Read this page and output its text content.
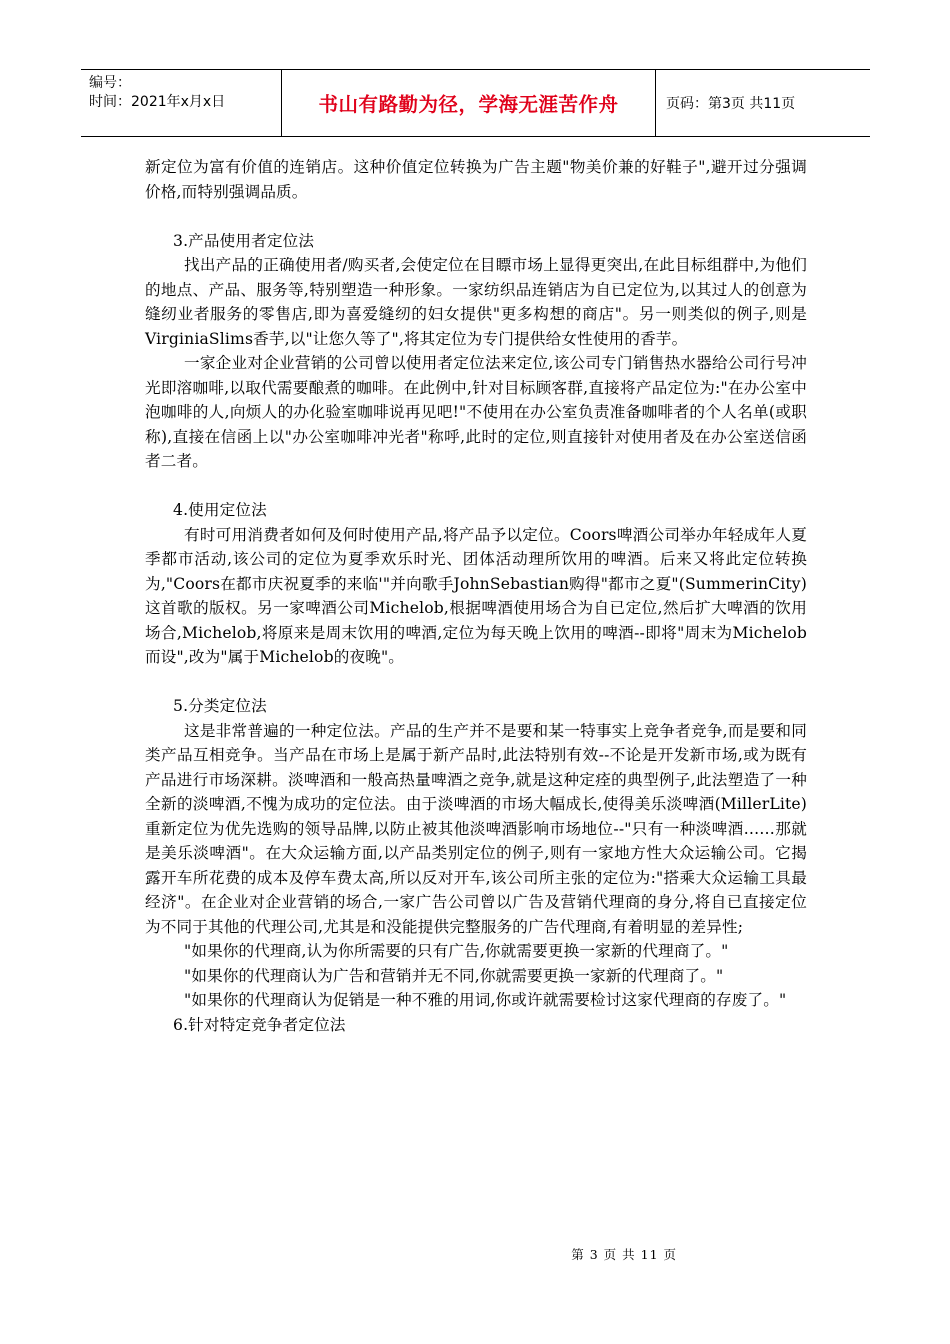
编号：
时间：2021年x月x日	书山有路勤为径，学海无涯苦作舟	页码：第3页 共11页

新定位为富有价值的连销店。这种价值定位转换为广告主题"物美价兼的好鞋子",避开过分强调价格,而特别强调品质。

3.产品使用者定位法

找出产品的正确使用者/购买者,会使定位在目瞟市场上显得更突出,在此目标组群中,为他们的地点、产品、服务等,特别塑造一种形象。一家纺织品连销店为自已定位为,以其过人的创意为缝纫业者服务的零售店,即为喜爱缝纫的妇女提供"更多构想的商店"。另一则类似的例子,则是VirginiaSlims香芋,以"让您久等了",将其定位为专门提供给女性使用的香芋。

一家企业对企业营销的公司曾以使用者定位法来定位,该公司专门销售热水器给公司行号冲光即溶咖啡,以取代需要酿煮的咖啡。在此例中,针对目标顾客群,直接将产品定位为:"在办公室中泡咖啡的人,向烦人的办化验室咖啡说再见吧!"不使用在办公室负责准备咖啡者的个人名单(或职称),直接在信函上以"办公室咖啡冲光者"称呼,此时的定位,则直接针对使用者及在办公室送信函者二者。

4.使用定位法

有时可用消费者如何及何时使用产品,将产品予以定位。Coors啤酒公司举办年轻成年人夏季都市活动,该公司的定位为夏季欢乐时光、团体活动理所饮用的啤酒。后来又将此定位转换为,"Coors在都市庆祝夏季的来临'"并向歌手JohnSebastian购得"都市之夏"(SummerinCity)这首歌的版权。另一家啤酒公司Michelob,根据啤酒使用场合为自已定位,然后扩大啤酒的饮用场合,Michelob,将原来是周末饮用的啤酒,定位为每天晚上饮用的啤酒--即将"周末为Michelob而设",改为"属于Michelob的夜晚"。

5.分类定位法

这是非常普遍的一种定位法。产品的生产并不是要和某一特事实上竞争者竞争,而是要和同类产品互相竞争。当产品在市场上是属于新产品时,此法特别有效--不论是开发新市场,或为既有产品进行市场深耕。淡啤酒和一般高热量啤酒之竞争,就是这种定痊的典型例子,此法塑造了一种全新的淡啤酒,不愧为成功的定位法。由于淡啤酒的市场大幅成长,使得美乐淡啤酒(MillerLite)重新定位为优先选购的领导品牌,以防止被其他淡啤酒影响市场地位--"只有一种淡啤酒……那就是美乐淡啤酒"。在大众运输方面,以产品类别定位的例子,则有一家地方性大众运输公司。它揭露开车所花费的成本及停车费太高,所以反对开车,该公司所主张的定位为:"搭乘大众运输工具最经济"。在企业对企业营销的场合,一家广告公司曾以广告及营销代理商的身分,将自已直接定位为不同于其他的代理公司,尤其是和没能提供完整服务的广告代理商,有着明显的差异性;

"如果你的代理商,认为你所需要的只有广告,你就需要更换一家新的代理商了。"

"如果你的代理商认为广告和营销并无不同,你就需要更换一家新的代理商了。"

"如果你的代理商认为促销是一种不雅的用词,你或许就需要检讨这家代理商的存废了。"

6.针对特定竞争者定位法

第 3 页 共 11 页
